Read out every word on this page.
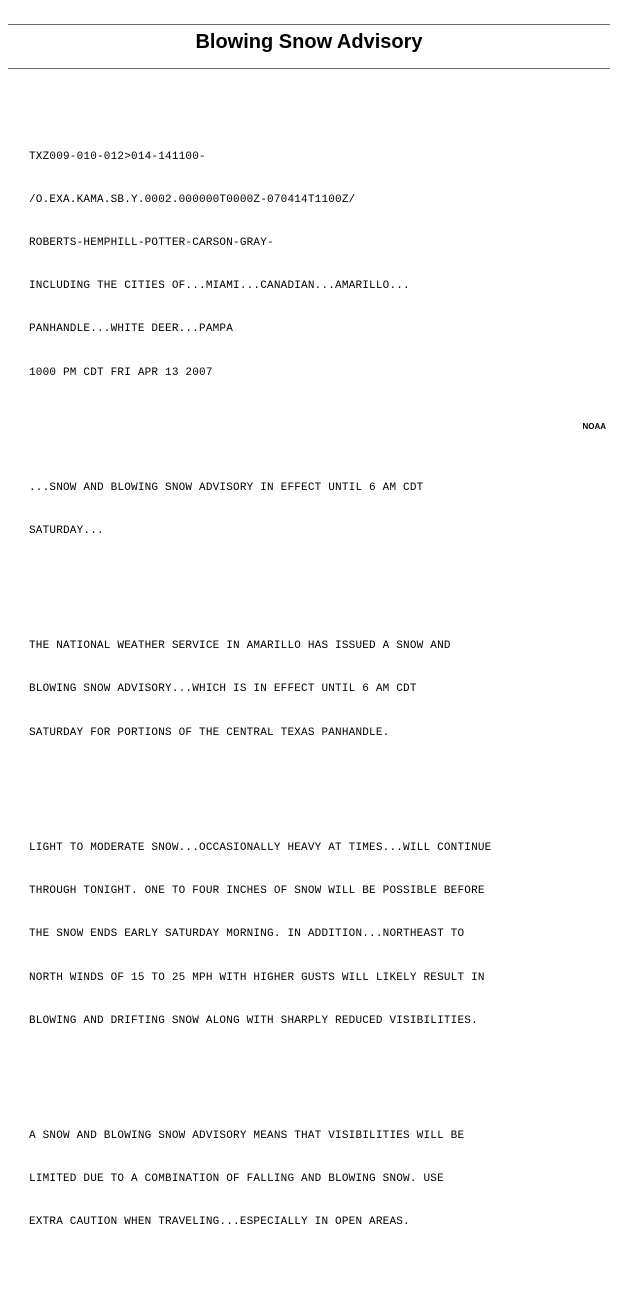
Blowing Snow Advisory

TXZ009-010-012>014-141100-

/O.EXA.KAMA.SB.Y.0002.000000T0000Z-070414T1100Z/

ROBERTS-HEMPHILL-POTTER-CARSON-GRAY-

INCLUDING THE CITIES OF...MIAMI...CANADIAN...AMARILLO...

PANHANDLE...WHITE DEER...PAMPA

1000 PM CDT FRI APR 13 2007

...SNOW AND BLOWING SNOW ADVISORY IN EFFECT UNTIL 6 AM CDT

SATURDAY...

THE NATIONAL WEATHER SERVICE IN AMARILLO HAS ISSUED A SNOW AND

BLOWING SNOW ADVISORY...WHICH IS IN EFFECT UNTIL 6 AM CDT

SATURDAY FOR PORTIONS OF THE CENTRAL TEXAS PANHANDLE.

LIGHT TO MODERATE SNOW...OCCASIONALLY HEAVY AT TIMES...WILL CONTINUE

THROUGH TONIGHT. ONE TO FOUR INCHES OF SNOW WILL BE POSSIBLE BEFORE

THE SNOW ENDS EARLY SATURDAY MORNING. IN ADDITION...NORTHEAST TO

NORTH WINDS OF 15 TO 25 MPH WITH HIGHER GUSTS WILL LIKELY RESULT IN

BLOWING AND DRIFTING SNOW ALONG WITH SHARPLY REDUCED VISIBILITIES.

A SNOW AND BLOWING SNOW ADVISORY MEANS THAT VISIBILITIES WILL BE

LIMITED DUE TO A COMBINATION OF FALLING AND BLOWING SNOW. USE

EXTRA CAUTION WHEN TRAVELING...ESPECIALLY IN OPEN AREAS.

NOAA
